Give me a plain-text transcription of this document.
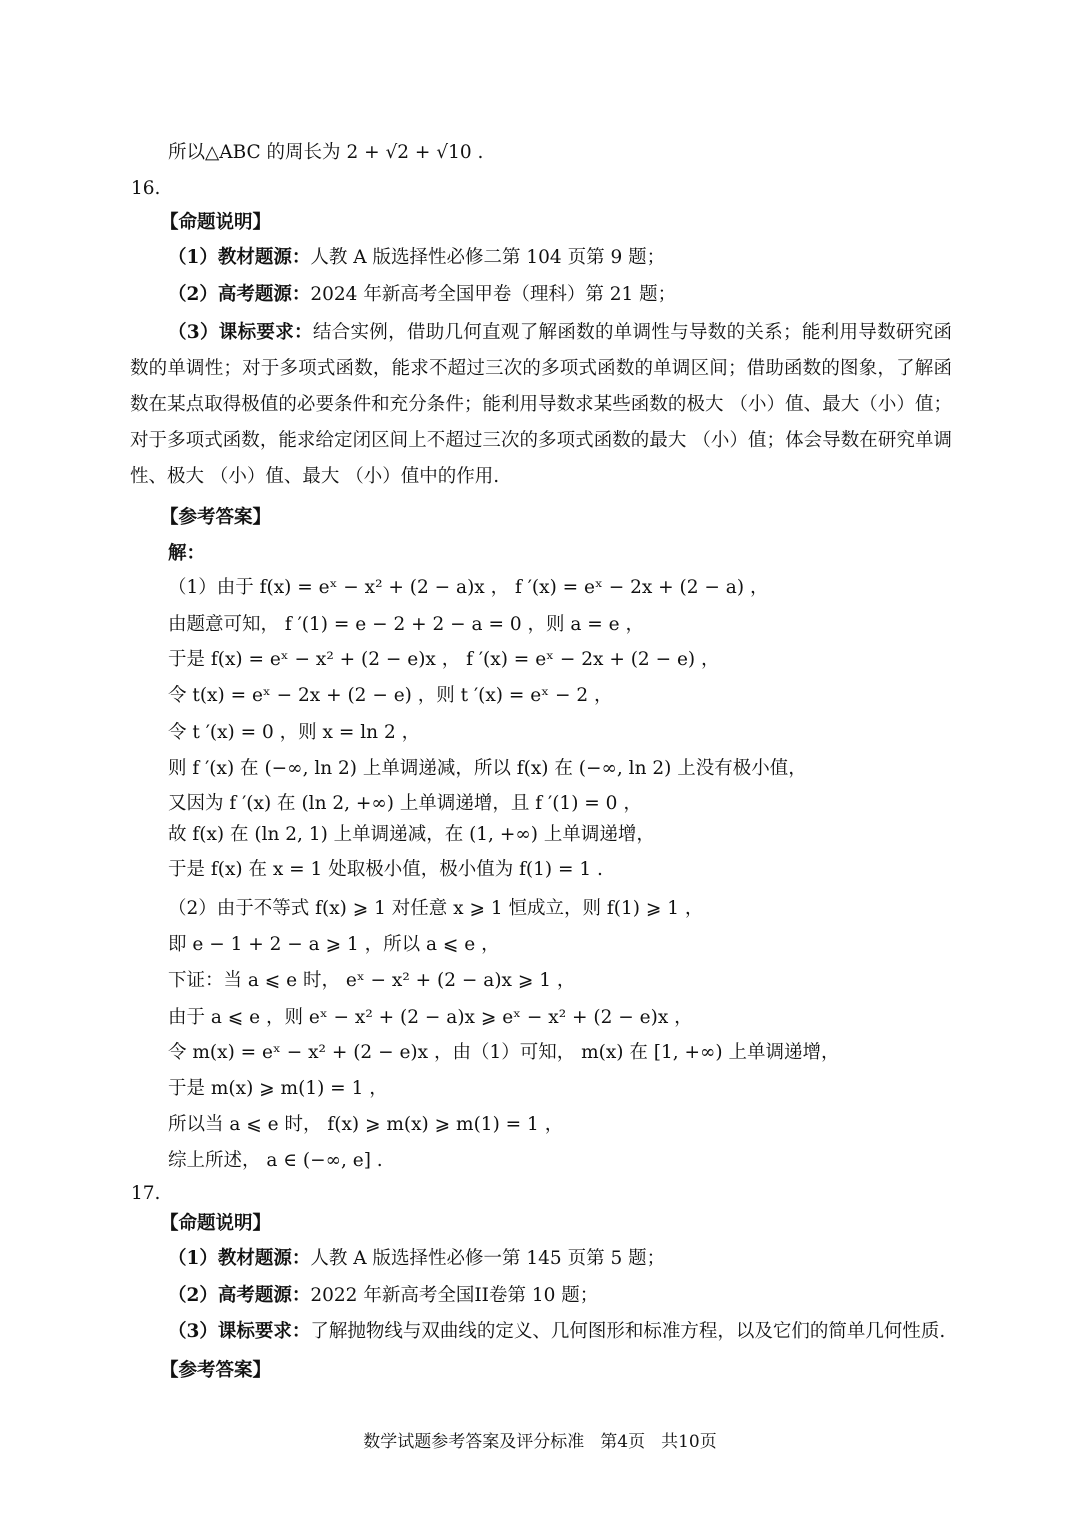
所以△ABC 的周长为 2 + √2 + √10 .
16.
【命题说明】
（1）教材题源：人教 A 版选择性必修二第 104 页第 9 题；
（2）高考题源：2024 年新高考全国甲卷（理科）第 21 题；
（3）课标要求：结合实例，借助几何直观了解函数的单调性与导数的关系；能利用导数研究函数的单调性；对于多项式函数，能求不超过三次的多项式函数的单调区间；借助函数的图象，了解函数在某点取得极值的必要条件和充分条件；能利用导数求某些函数的极大 （小）值、最大（小）值；对于多项式函数，能求给定闭区间上不超过三次的多项式函数的最大 （小）值；体会导数在研究单调性、极大 （小）值、最大 （小）值中的作用.
【参考答案】
解：
（1）由于 f(x) = eˣ − x² + (2 − a)x ， f ′(x) = eˣ − 2x + (2 − a) ，
由题意可知， f ′(1) = e − 2 + 2 − a = 0 ，则 a = e ，
于是 f(x) = eˣ − x² + (2 − e)x ， f ′(x) = eˣ − 2x + (2 − e) ，
令 t(x) = eˣ − 2x + (2 − e) ，则 t ′(x) = eˣ − 2 ，
令 t ′(x) = 0 ，则 x = ln 2 ，
则 f ′(x) 在 (−∞, ln 2) 上单调递减，所以 f(x) 在 (−∞, ln 2) 上没有极小值，
又因为 f ′(x) 在 (ln 2, +∞) 上单调递增，且 f ′(1) = 0 ，
故 f(x) 在 (ln 2, 1) 上单调递减，在 (1, +∞) 上单调递增，
于是 f(x) 在 x = 1 处取极小值，极小值为 f(1) = 1 .
（2）由于不等式 f(x) ⩾ 1 对任意 x ⩾ 1 恒成立，则 f(1) ⩾ 1 ，
即 e − 1 + 2 − a ⩾ 1 ，所以 a ⩽ e ，
下证：当 a ⩽ e 时， eˣ − x² + (2 − a)x ⩾ 1 ，
由于 a ⩽ e ，则 eˣ − x² + (2 − a)x ⩾ eˣ − x² + (2 − e)x ，
令 m(x) = eˣ − x² + (2 − e)x ，由（1）可知， m(x) 在 [1, +∞) 上单调递增，
于是 m(x) ⩾ m(1) = 1 ，
所以当 a ⩽ e 时， f(x) ⩾ m(x) ⩾ m(1) = 1 ，
综上所述， a ∈ (−∞, e] .
17.
【命题说明】
（1）教材题源：人教 A 版选择性必修一第 145 页第 5 题；
（2）高考题源：2022 年新高考全国II卷第 10 题；
（3）课标要求：了解抛物线与双曲线的定义、几何图形和标准方程，以及它们的简单几何性质.
【参考答案】
数学试题参考答案及评分标准 第4页 共10页
